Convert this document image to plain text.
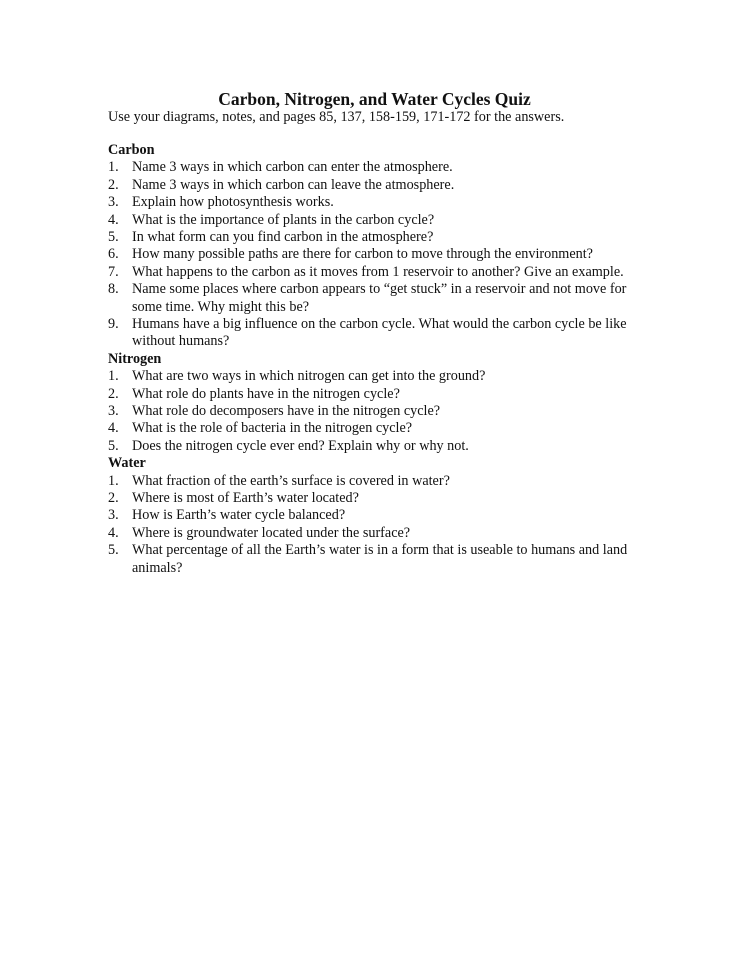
Carbon, Nitrogen, and Water Cycles Quiz
Use your diagrams, notes, and pages 85, 137, 158-159, 171-172 for the answers.
Carbon
1. Name 3 ways in which carbon can enter the atmosphere.
2. Name 3 ways in which carbon can leave the atmosphere.
3. Explain how photosynthesis works.
4. What is the importance of plants in the carbon cycle?
5. In what form can you find carbon in the atmosphere?
6. How many possible paths are there for carbon to move through the environment?
7. What happens to the carbon as it moves from 1 reservoir to another? Give an example.
8. Name some places where carbon appears to “get stuck” in a reservoir and not move for some time. Why might this be?
9. Humans have a big influence on the carbon cycle. What would the carbon cycle be like without humans?
Nitrogen
1. What are two ways in which nitrogen can get into the ground?
2. What role do plants have in the nitrogen cycle?
3. What role do decomposers have in the nitrogen cycle?
4. What is the role of bacteria in the nitrogen cycle?
5. Does the nitrogen cycle ever end? Explain why or why not.
Water
1. What fraction of the earth’s surface is covered in water?
2. Where is most of Earth’s water located?
3. How is Earth’s water cycle balanced?
4. Where is groundwater located under the surface?
5. What percentage of all the Earth’s water is in a form that is useable to humans and land animals?
